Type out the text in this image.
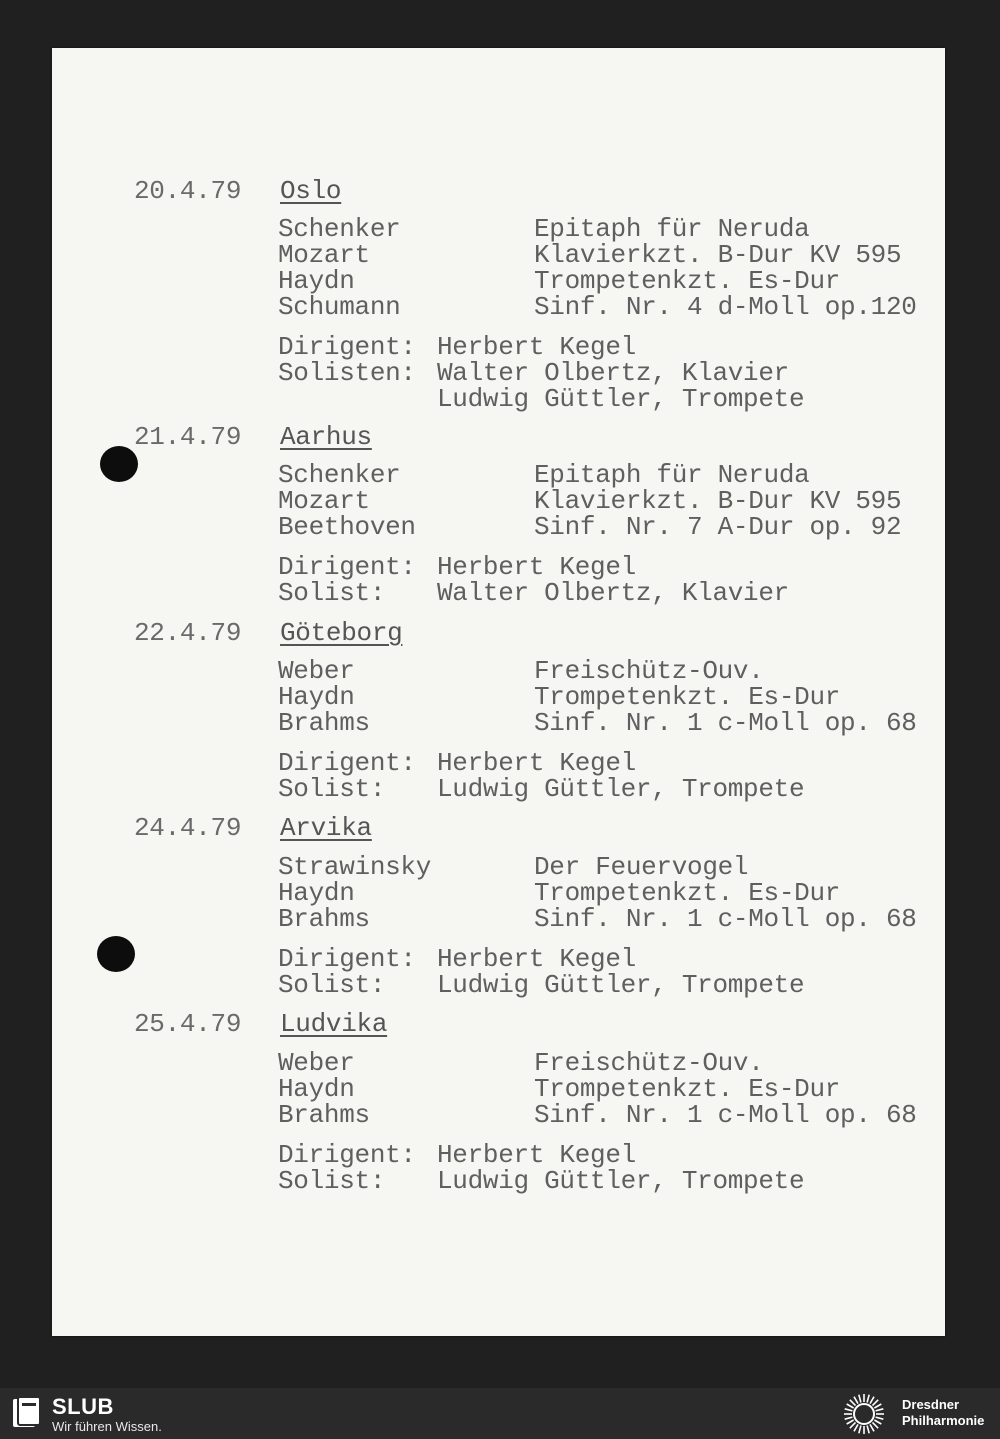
20.4.79 Oslo
Schenker	Epitaph für Neruda
Mozart	Klavierkzt. B-Dur KV 595
Haydn	Trompetenkzt. Es-Dur
Schumann	Sinf. Nr. 4 d-Moll op.120
Dirigent: Herbert Kegel
Solisten: Walter Olbertz, Klavier
Ludwig Güttler, Trompete
21.4.79 Aarhus
Schenker	Epitaph für Neruda
Mozart	Klavierkzt. B-Dur KV 595
Beethoven	Sinf. Nr. 7 A-Dur op. 92
Dirigent: Herbert Kegel
Solist: Walter Olbertz, Klavier
22.4.79 Göteborg
Weber	Freischütz-Ouv.
Haydn	Trompetenkzt. Es-Dur
Brahms	Sinf. Nr. 1 c-Moll op. 68
Dirigent: Herbert Kegel
Solist: Ludwig Güttler, Trompete
24.4.79 Arvika
Strawinsky	Der Feuervogel
Haydn	Trompetenkzt. Es-Dur
Brahms	Sinf. Nr. 1 c-Moll op. 68
Dirigent: Herbert Kegel
Solist: Ludwig Güttler, Trompete
25.4.79 Ludvika
Weber	Freischütz-Ouv.
Haydn	Trompetenkzt. Es-Dur
Brahms	Sinf. Nr. 1 c-Moll op. 68
Dirigent: Herbert Kegel
Solist: Ludwig Güttler, Trompete
SLUB
Wir führen Wissen.
Dresdner
Philharmonie
